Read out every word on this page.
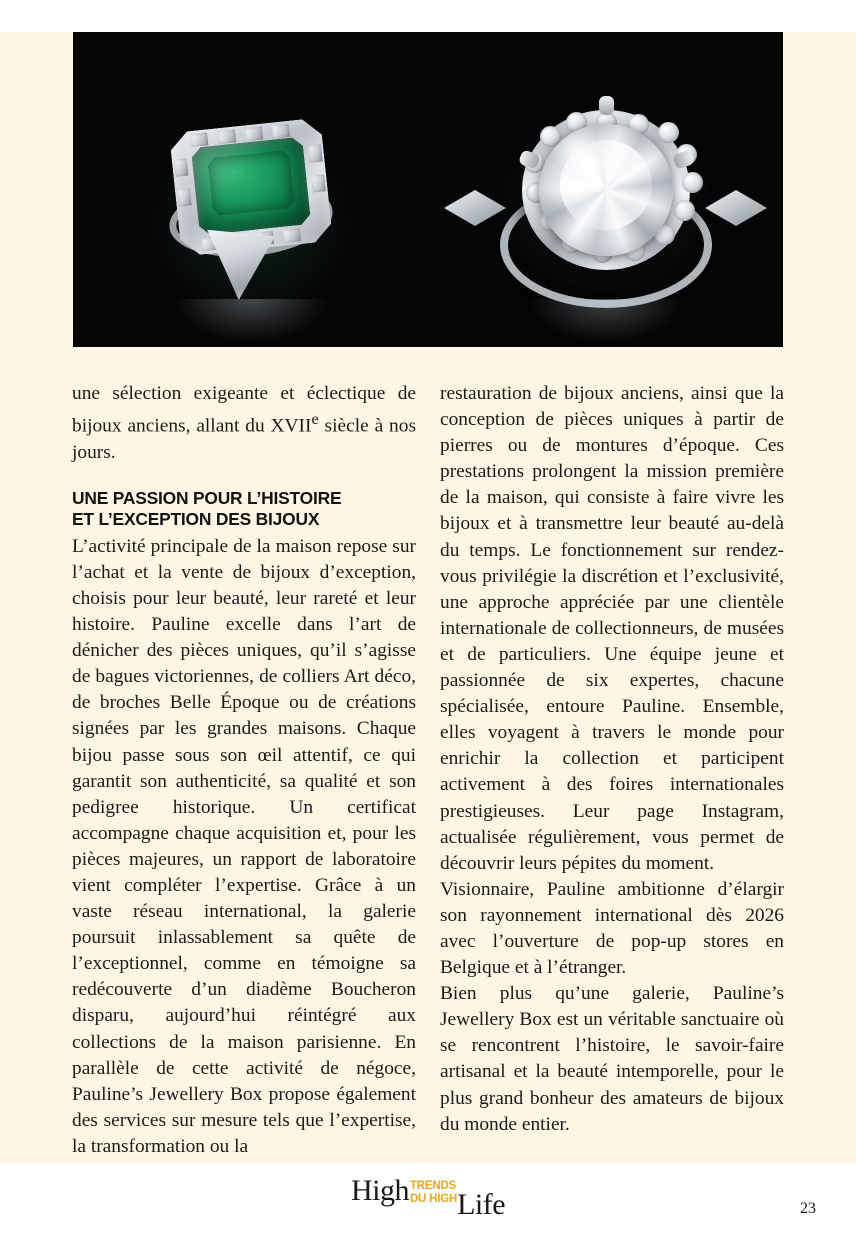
une sélection exigeante et éclectique de bijoux anciens, allant du XVIIe siècle à nos jours.

UNE PASSION POUR L’HISTOIRE
ET L’EXCEPTION DES BIJOUX

L’activité principale de la maison repose sur l’achat et la vente de bijoux d’exception, choisis pour leur beauté, leur rareté et leur histoire. Pauline excelle dans l’art de dénicher des pièces uniques, qu’il s’agisse de bagues victoriennes, de colliers Art déco, de broches Belle Époque ou de créations signées par les grandes maisons. Chaque bijou passe sous son œil attentif, ce qui garantit son authenticité, sa qualité et son pedigree historique. Un certificat accompagne chaque acquisition et, pour les pièces majeures, un rapport de laboratoire vient compléter l’expertise. Grâce à un vaste réseau international, la galerie poursuit inlassablement sa quête de l’exceptionnel, comme en témoigne sa redécouverte d’un diadème Boucheron disparu, aujourd’hui réintégré aux collections de la maison parisienne. En parallèle de cette activité de négoce, Pauline’s Jewellery Box propose également des services sur mesure tels que l’expertise, la transformation ou la

restauration de bijoux anciens, ainsi que la conception de pièces uniques à partir de pierres ou de montures d’époque. Ces prestations prolongent la mission première de la maison, qui consiste à faire vivre les bijoux et à transmettre leur beauté au-delà du temps. Le fonctionnement sur rendez-vous privilégie la discrétion et l’exclusivité, une approche appréciée par une clientèle internationale de collectionneurs, de musées et de particuliers. Une équipe jeune et passionnée de six expertes, chacune spécialisée, entoure Pauline. Ensemble, elles voyagent à travers le monde pour enrichir la collection et participent activement à des foires internationales prestigieuses. Leur page Instagram, actualisée régulièrement, vous permet de découvrir leurs pépites du moment.

Visionnaire, Pauline ambitionne d’élargir son rayonnement international dès 2026 avec l’ouverture de pop-up stores en Belgique et à l’étranger.

Bien plus qu’une galerie, Pauline’s Jewellery Box est un véritable sanctuaire où se rencontrent l’histoire, le savoir-faire artisanal et la beauté intemporelle, pour le plus grand bonheur des amateurs de bijoux du monde entier.

High TRENDS
DU HIGH Life	23
